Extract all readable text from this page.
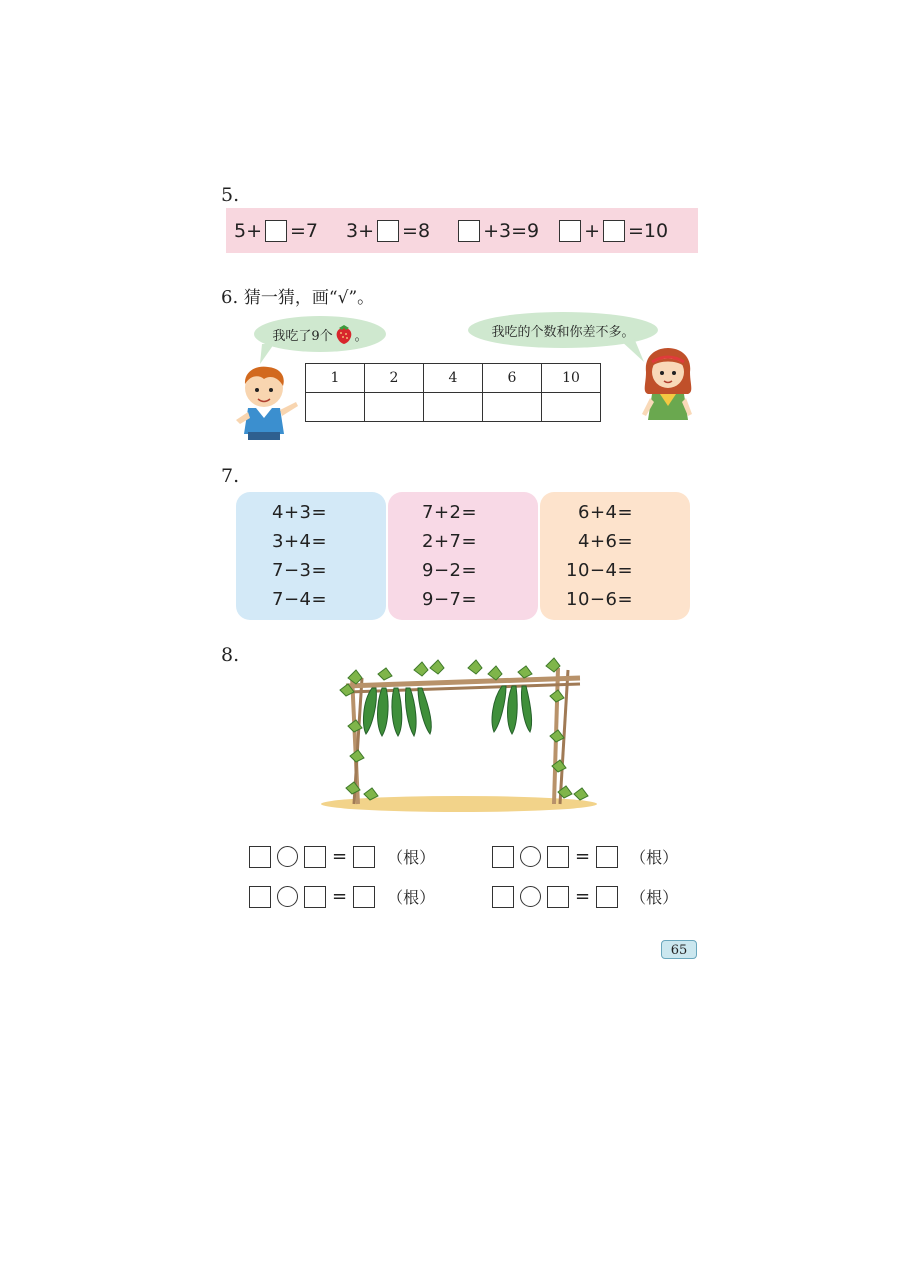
5.
5+ =7 3+ =8	+3=9 + =10
6. 猜一猜，画“√”。
我吃了9个 。	我吃的个数和你差不多。
1	2	4	6	10

7.
4+3=
3+4=
7−3=
7−4=
7+2=
2+7=
9−2=
9−7=
6+4=
4+6=
10−4=
10−6=
8.
=	（根）	=	（根）
=	（根）	=	（根）
65
